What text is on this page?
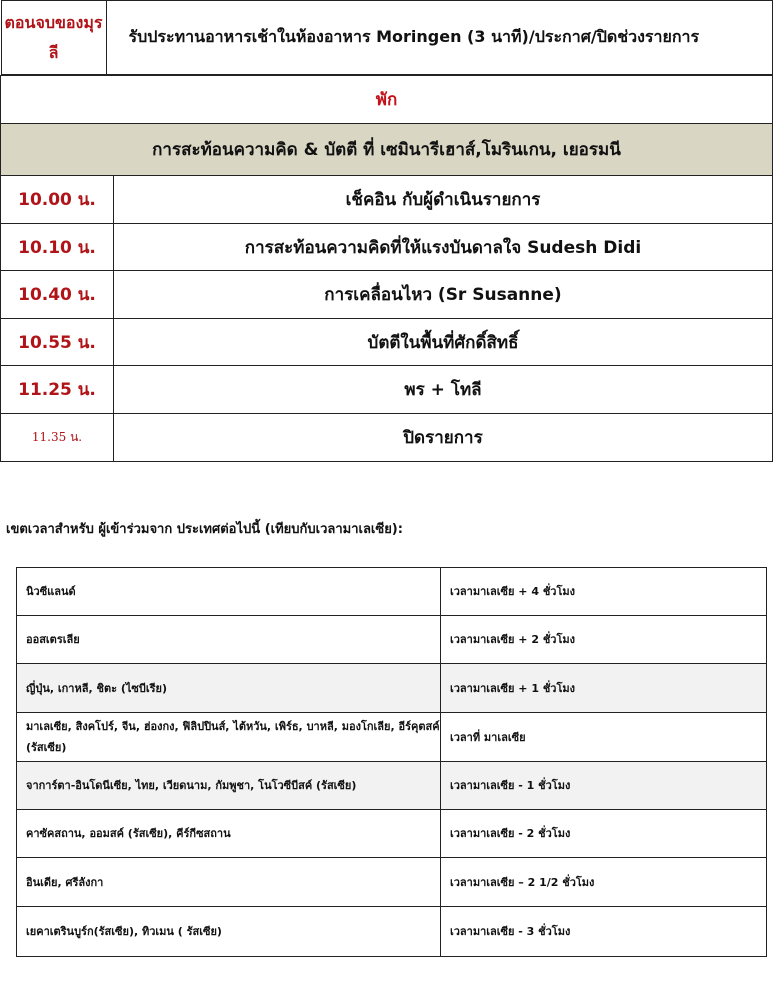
ตอนจบของมุรลี	รับประทานอาหารเช้าในห้องอาหาร Moringen (3 นาที)/ประกาศ/ปิดช่วงรายการ

พัก
การสะท้อนความคิด & บัตตี ที่ เซมินารีเฮาส์,โมรินเกน, เยอรมนี
10.00 น.	เช็คอิน กับผู้ดำเนินรายการ
10.10 น.	การสะท้อนความคิดที่ให้แรงบันดาลใจ Sudesh Didi
10.40 น.	การเคลื่อนไหว (Sr Susanne)
10.55 น.	บัตตีในพื้นที่ศักดิ์สิทธิ์
11.25 น.	พร + โทลี
11.35 น.	ปิดรายการ
เขตเวลาสำหรับ ผู้เข้าร่วมจาก ประเทศต่อไปนี้ (เทียบกับเวลามาเลเซีย):
นิวซีแลนด์	เวลามาเลเซีย + 4 ชั่วโมง
ออสเตรเลีย	เวลามาเลเซีย + 2 ชั่วโมง
ญี่ปุ่น, เกาหลี, ชิตะ (ไซบีเรีย)	เวลามาเลเซีย + 1 ชั่วโมง
มาเลเซีย, สิงคโปร์, จีน, ฮ่องกง, ฟิลิปปินส์, ไต้หวัน, เพิร์ธ, บาหลี, มองโกเลีย, อีร์คุตสค์ (รัสเซีย)	เวลาที่ มาเลเซีย
จาการ์ตา-อินโดนีเซีย, ไทย, เวียดนาม, กัมพูชา, โนโวซีบีสค์ (รัสเซีย)	เวลามาเลเซีย - 1 ชั่วโมง
คาซัคสถาน, ออมสค์ (รัสเซีย), คีร์กีซสถาน	เวลามาเลเซีย - 2 ชั่วโมง
อินเดีย, ศรีลังกา	เวลามาเลเซีย – 2 1/2 ชั่วโมง
เยคาเตรินบูร์ก(รัสเซีย), ทิวเมน ( รัสเซีย)	เวลามาเลเซีย - 3 ชั่วโมง
